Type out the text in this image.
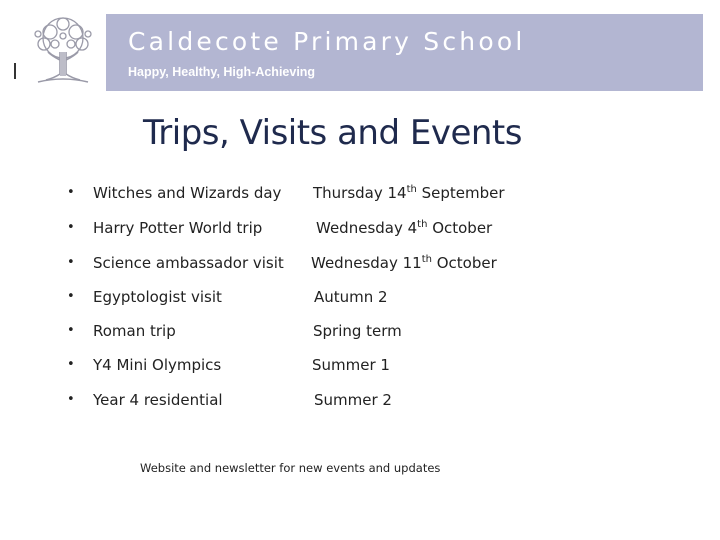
Caldecote Primary School
Happy, Healthy, High-Achieving
Trips, Visits and Events
• Witches and Wizards day Thursday 14th September
• Harry Potter World trip	Wednesday 4th October
• Science ambassador visit Wednesday 11th October
• Egyptologist visit	Autumn 2
• Roman trip	Spring term
• Y4 Mini Olympics	Summer 1
• Year 4 residential	Summer 2
Website and newsletter for new events and updates
